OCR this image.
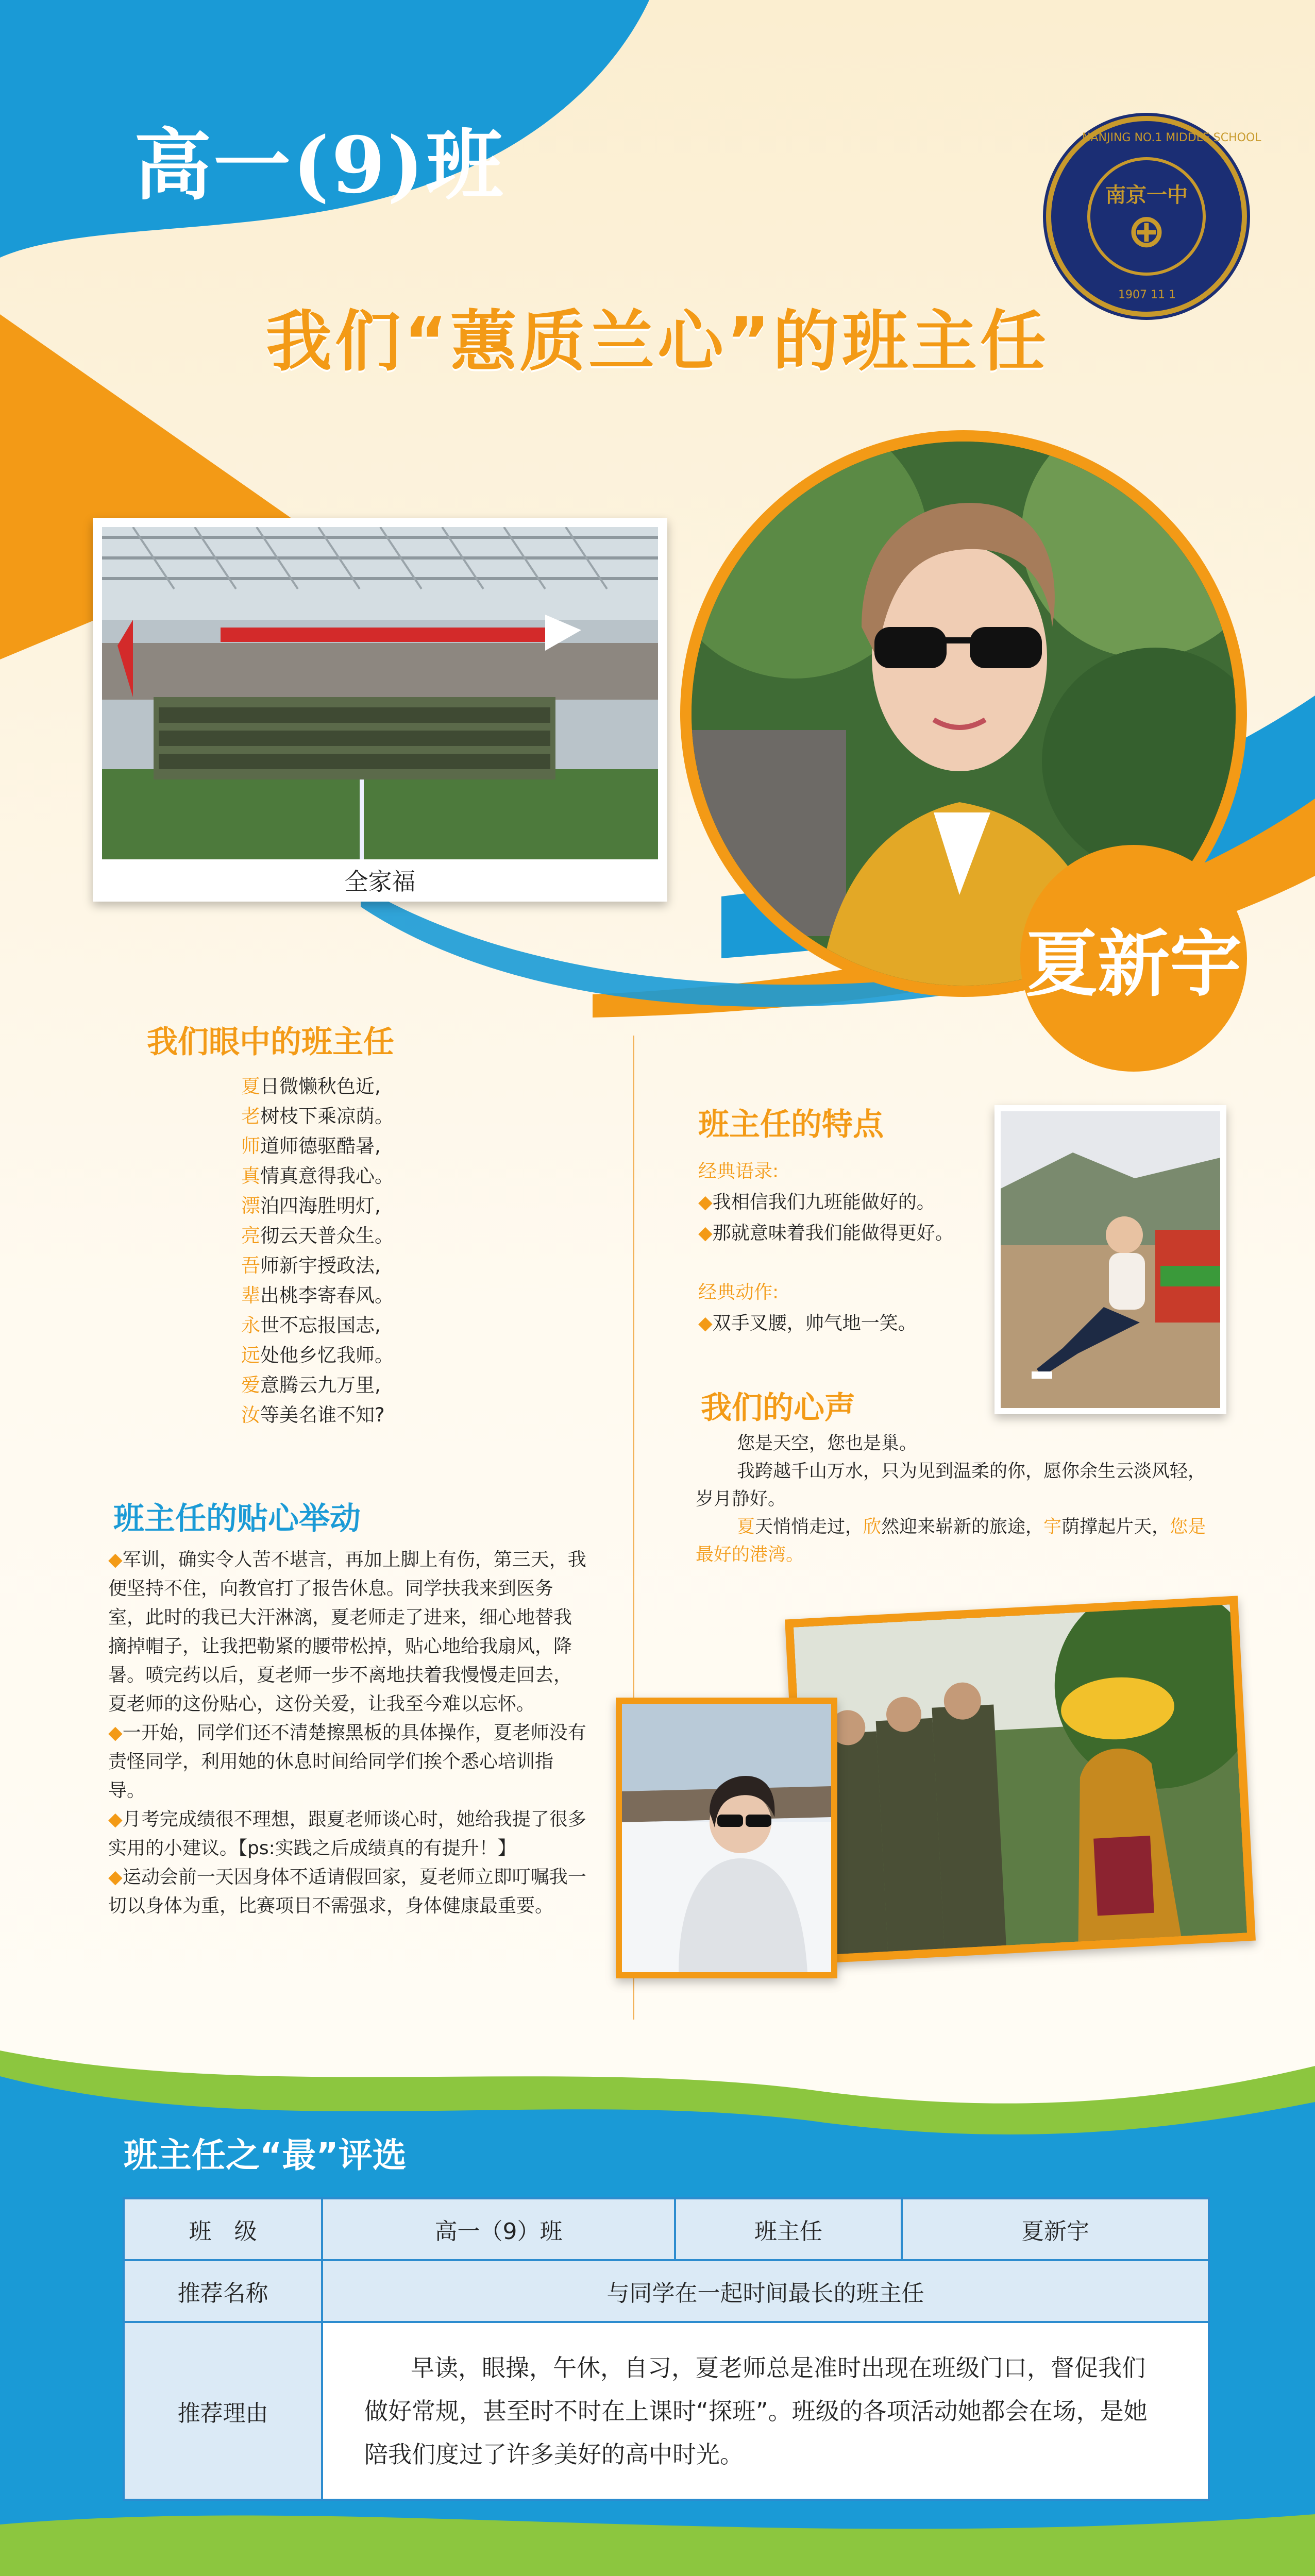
高一(9)班	南京一中
⊕
NANJING NO.1 MIDDLE SCHOOL
1907 11 1
我们“蕙质兰心”的班主任
全家福
夏新宇
我们眼中的班主任
夏日微懒秋色近,
老树枝下乘凉荫。
师道师德驱酷暑,
真情真意得我心。
漂泊四海胜明灯,
亮彻云天普众生。
吾师新宇授政法,
辈出桃李寄春风。
永世不忘报国志,
远处他乡忆我师。
爱意腾云九万里,
汝等美名谁不知?
班主任的贴心举动
◆军训，确实令人苦不堪言，再加上脚上有伤，第三天，我便坚持不住，向教官打了报告休息。同学扶我来到医务室，此时的我已大汗淋漓，夏老师走了进来，细心地替我摘掉帽子，让我把勒紧的腰带松掉，贴心地给我扇风，降暑。喷完药以后，夏老师一步不离地扶着我慢慢走回去，夏老师的这份贴心，这份关爱，让我至今难以忘怀。
◆一开始，同学们还不清楚擦黑板的具体操作，夏老师没有责怪同学，利用她的休息时间给同学们挨个悉心培训指导。
◆月考完成绩很不理想，跟夏老师谈心时，她给我提了很多实用的小建议。【ps:实践之后成绩真的有提升！】
◆运动会前一天因身体不适请假回家，夏老师立即叮嘱我一切以身体为重，比赛项目不需强求，身体健康最重要。
班主任的特点
经典语录:
◆我相信我们九班能做好的。
◆那就意味着我们能做得更好。
经典动作:
◆双手叉腰，帅气地一笑。
我们的心声
您是天空，您也是巢。
我跨越千山万水，只为见到温柔的你，愿你余生云淡风轻，岁月静好。
夏天悄悄走过，欣然迎来崭新的旅途，宇荫撑起片天，您是最好的港湾。
班主任之“最”评选
班　级	高一（9）班	班主任	夏新宇
推荐名称	与同学在一起时间最长的班主任		
推荐理由	早读，眼操，午休，自习，夏老师总是准时出现在班级门口，督促我们做好常规，甚至时不时在上课时“探班”。班级的各项活动她都会在场，是她陪我们度过了许多美好的高中时光。		
